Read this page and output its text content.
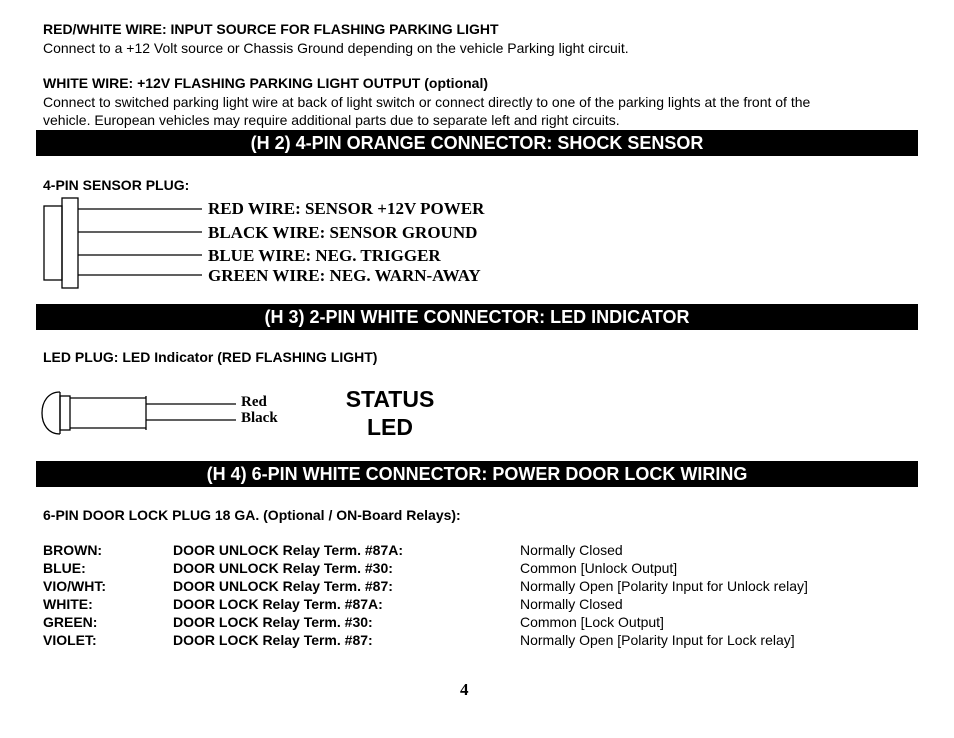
RED/WHITE WIRE: INPUT SOURCE FOR FLASHING PARKING LIGHT
Connect to a +12 Volt source or Chassis Ground depending on the vehicle Parking light circuit.
WHITE WIRE: +12V FLASHING PARKING LIGHT OUTPUT (optional)
Connect to switched parking light wire at back of light switch or connect directly to one of the parking lights at the front of the
vehicle. European vehicles may require additional parts due to separate left and right circuits.
(H 2) 4-PIN ORANGE CONNECTOR: SHOCK SENSOR
4-PIN SENSOR PLUG:
RED WIRE: SENSOR +12V POWER
BLACK WIRE: SENSOR GROUND
BLUE WIRE: NEG. TRIGGER
GREEN WIRE: NEG. WARN-AWAY
(H 3) 2-PIN WHITE CONNECTOR: LED INDICATOR
LED PLUG: LED Indicator (RED FLASHING LIGHT)
Red
Black
STATUS
LED
(H 4) 6-PIN WHITE CONNECTOR: POWER DOOR LOCK WIRING
6-PIN DOOR LOCK PLUG 18 GA. (Optional / ON-Board Relays):
BROWN:	DOOR UNLOCK Relay Term. #87A:	Normally Closed
BLUE:	DOOR UNLOCK Relay Term. #30:	Common [Unlock Output]
VIO/WHT:	DOOR UNLOCK Relay Term. #87:	Normally Open [Polarity Input for Unlock relay]
WHITE:	DOOR LOCK Relay Term. #87A:	Normally Closed
GREEN:	DOOR LOCK Relay Term. #30:	Common [Lock Output]
VIOLET:	DOOR LOCK Relay Term. #87:	Normally Open [Polarity Input for Lock relay]
4
